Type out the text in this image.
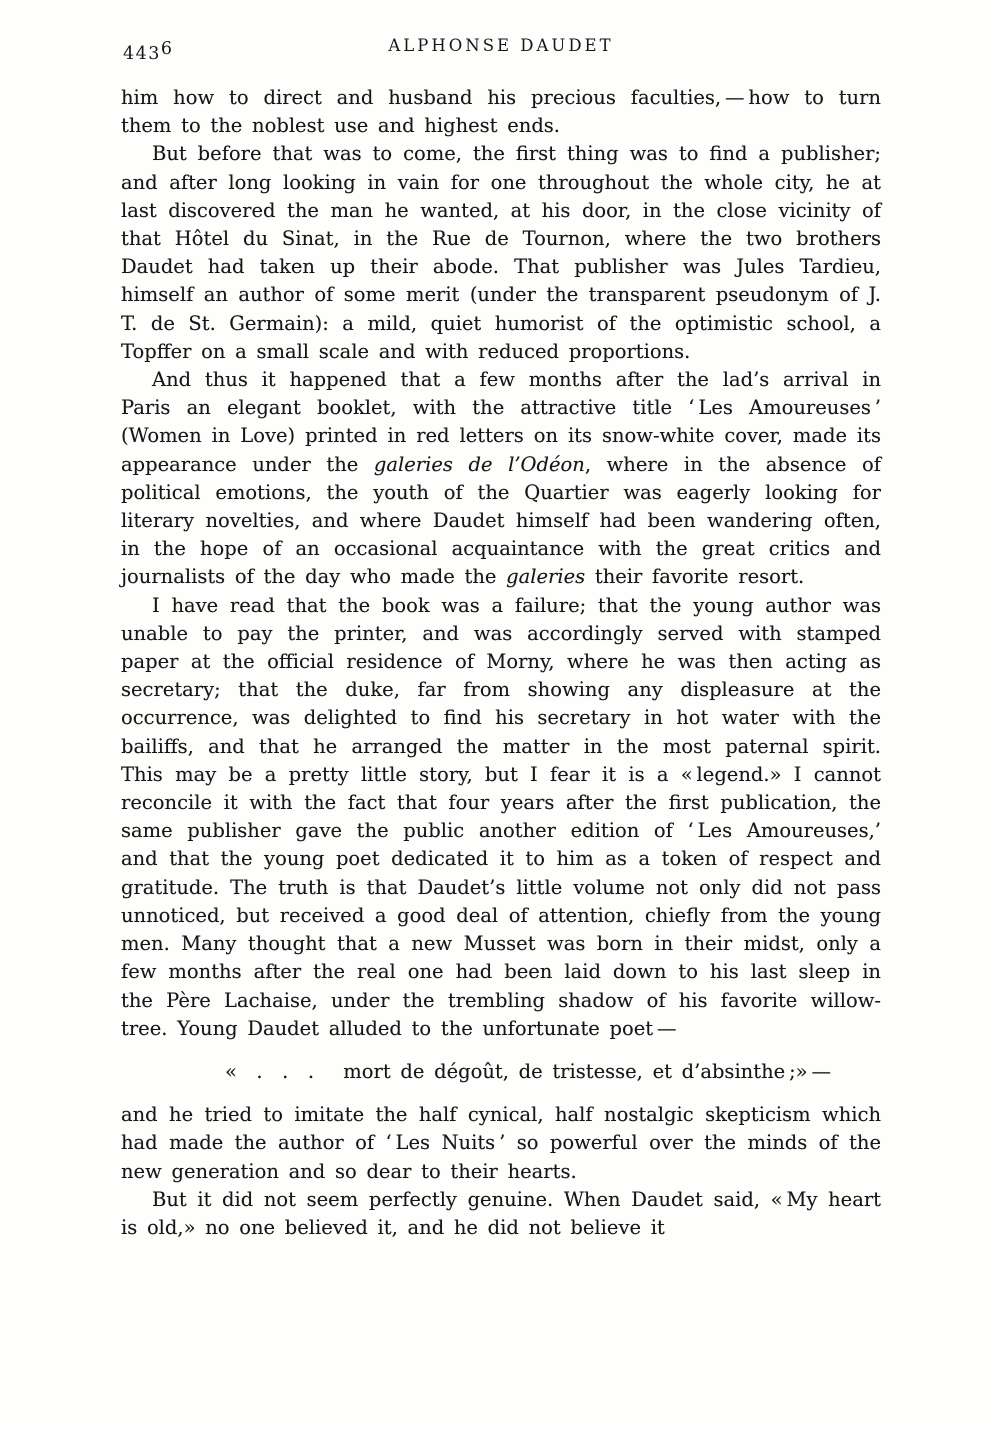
4436	ALPHONSE DAUDET
him how to direct and husband his precious faculties, — how to turn them to the noblest use and highest ends.
But before that was to come, the first thing was to find a publisher; and after long looking in vain for one throughout the whole city, he at last discovered the man he wanted, at his door, in the close vicinity of that Hôtel du Sinat, in the Rue de Tournon, where the two brothers Daudet had taken up their abode. That publisher was Jules Tardieu, himself an author of some merit (under the transparent pseudonym of J. T. de St. Germain): a mild, quiet humorist of the optimistic school, a Topffer on a small scale and with reduced proportions.
And thus it happened that a few months after the lad’s arrival in Paris an elegant booklet, with the attractive title ‘ Les Amoureuses ’ (Women in Love) printed in red letters on its snow-white cover, made its appearance under the galeries de l’Odéon, where in the absence of political emotions, the youth of the Quartier was eagerly looking for literary novelties, and where Daudet himself had been wandering often, in the hope of an occasional acquaintance with the great critics and journalists of the day who made the galeries their favorite resort.
I have read that the book was a failure; that the young author was unable to pay the printer, and was accordingly served with stamped paper at the official residence of Morny, where he was then acting as secretary; that the duke, far from showing any displeasure at the occurrence, was delighted to find his secretary in hot water with the bailiffs, and that he arranged the matter in the most paternal spirit. This may be a pretty little story, but I fear it is a « legend.» I cannot reconcile it with the fact that four years after the first publication, the same publisher gave the public another edition of ‘ Les Amoureuses,’ and that the young poet dedicated it to him as a token of respect and gratitude. The truth is that Daudet’s little volume not only did not pass unnoticed, but received a good deal of attention, chiefly from the young men. Many thought that a new Musset was born in their midst, only a few months after the real one had been laid down to his last sleep in the Père Lachaise, under the trembling shadow of his favorite willow-tree. Young Daudet alluded to the unfortunate poet —
«  .  .  .   mort de dégoût, de tristesse, et d’absinthe ;» —
and he tried to imitate the half cynical, half nostalgic skepticism which had made the author of ‘ Les Nuits ’ so powerful over the minds of the new generation and so dear to their hearts.
But it did not seem perfectly genuine. When Daudet said, « My heart is old,» no one believed it, and he did not believe it
